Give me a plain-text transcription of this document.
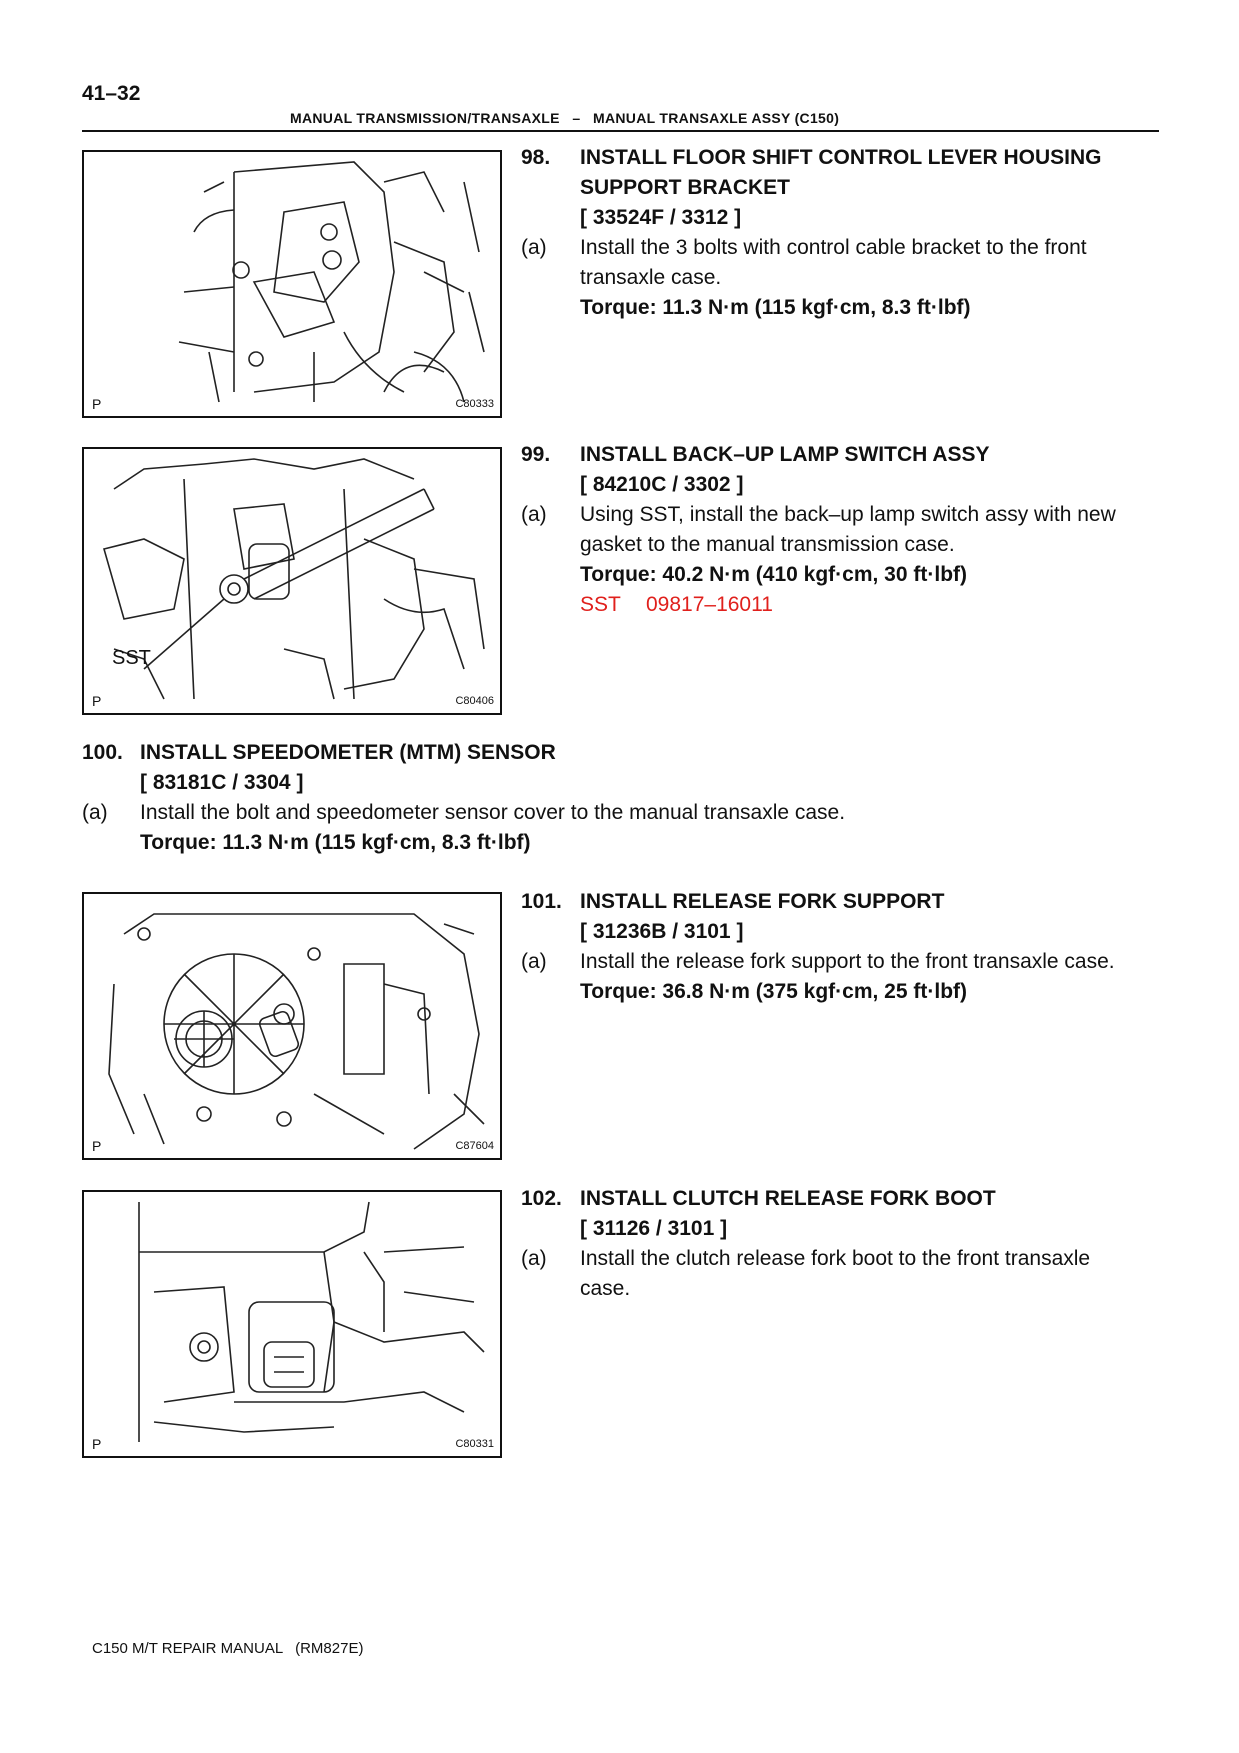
41–32
MANUAL TRANSMISSION/TRANSAXLE   –   MANUAL TRANSAXLE ASSY (C150)
P	C80333
98. INSTALL FLOOR SHIFT CONTROL LEVER HOUSING
SUPPORT BRACKET
[ 33524F / 3312 ]
(a) Install the 3 bolts with control cable bracket to the front
transaxle case.
Torque: 11.3 N·m (115 kgf·cm, 8.3 ft·lbf)
SST
P	C80406
99. INSTALL BACK–UP LAMP SWITCH ASSY
[ 84210C / 3302 ]
(a) Using SST, install the back–up lamp switch assy with new
gasket to the manual transmission case.
Torque: 40.2 N·m (410 kgf·cm, 30 ft·lbf)
SST 09817–16011
100. INSTALL SPEEDOMETER (MTM) SENSOR
[ 83181C / 3304 ]
(a) Install the bolt and speedometer sensor cover to the manual transaxle case.
Torque: 11.3 N·m (115 kgf·cm, 8.3 ft·lbf)
P	C87604
101. INSTALL RELEASE FORK SUPPORT
[ 31236B / 3101 ]
(a) Install the release fork support to the front transaxle case.
Torque: 36.8 N·m (375 kgf·cm, 25 ft·lbf)
P	C80331
102. INSTALL CLUTCH RELEASE FORK BOOT
[ 31126 / 3101 ]
(a) Install the clutch release fork boot to the front transaxle
case.
C150 M/T REPAIR MANUAL   (RM827E)
